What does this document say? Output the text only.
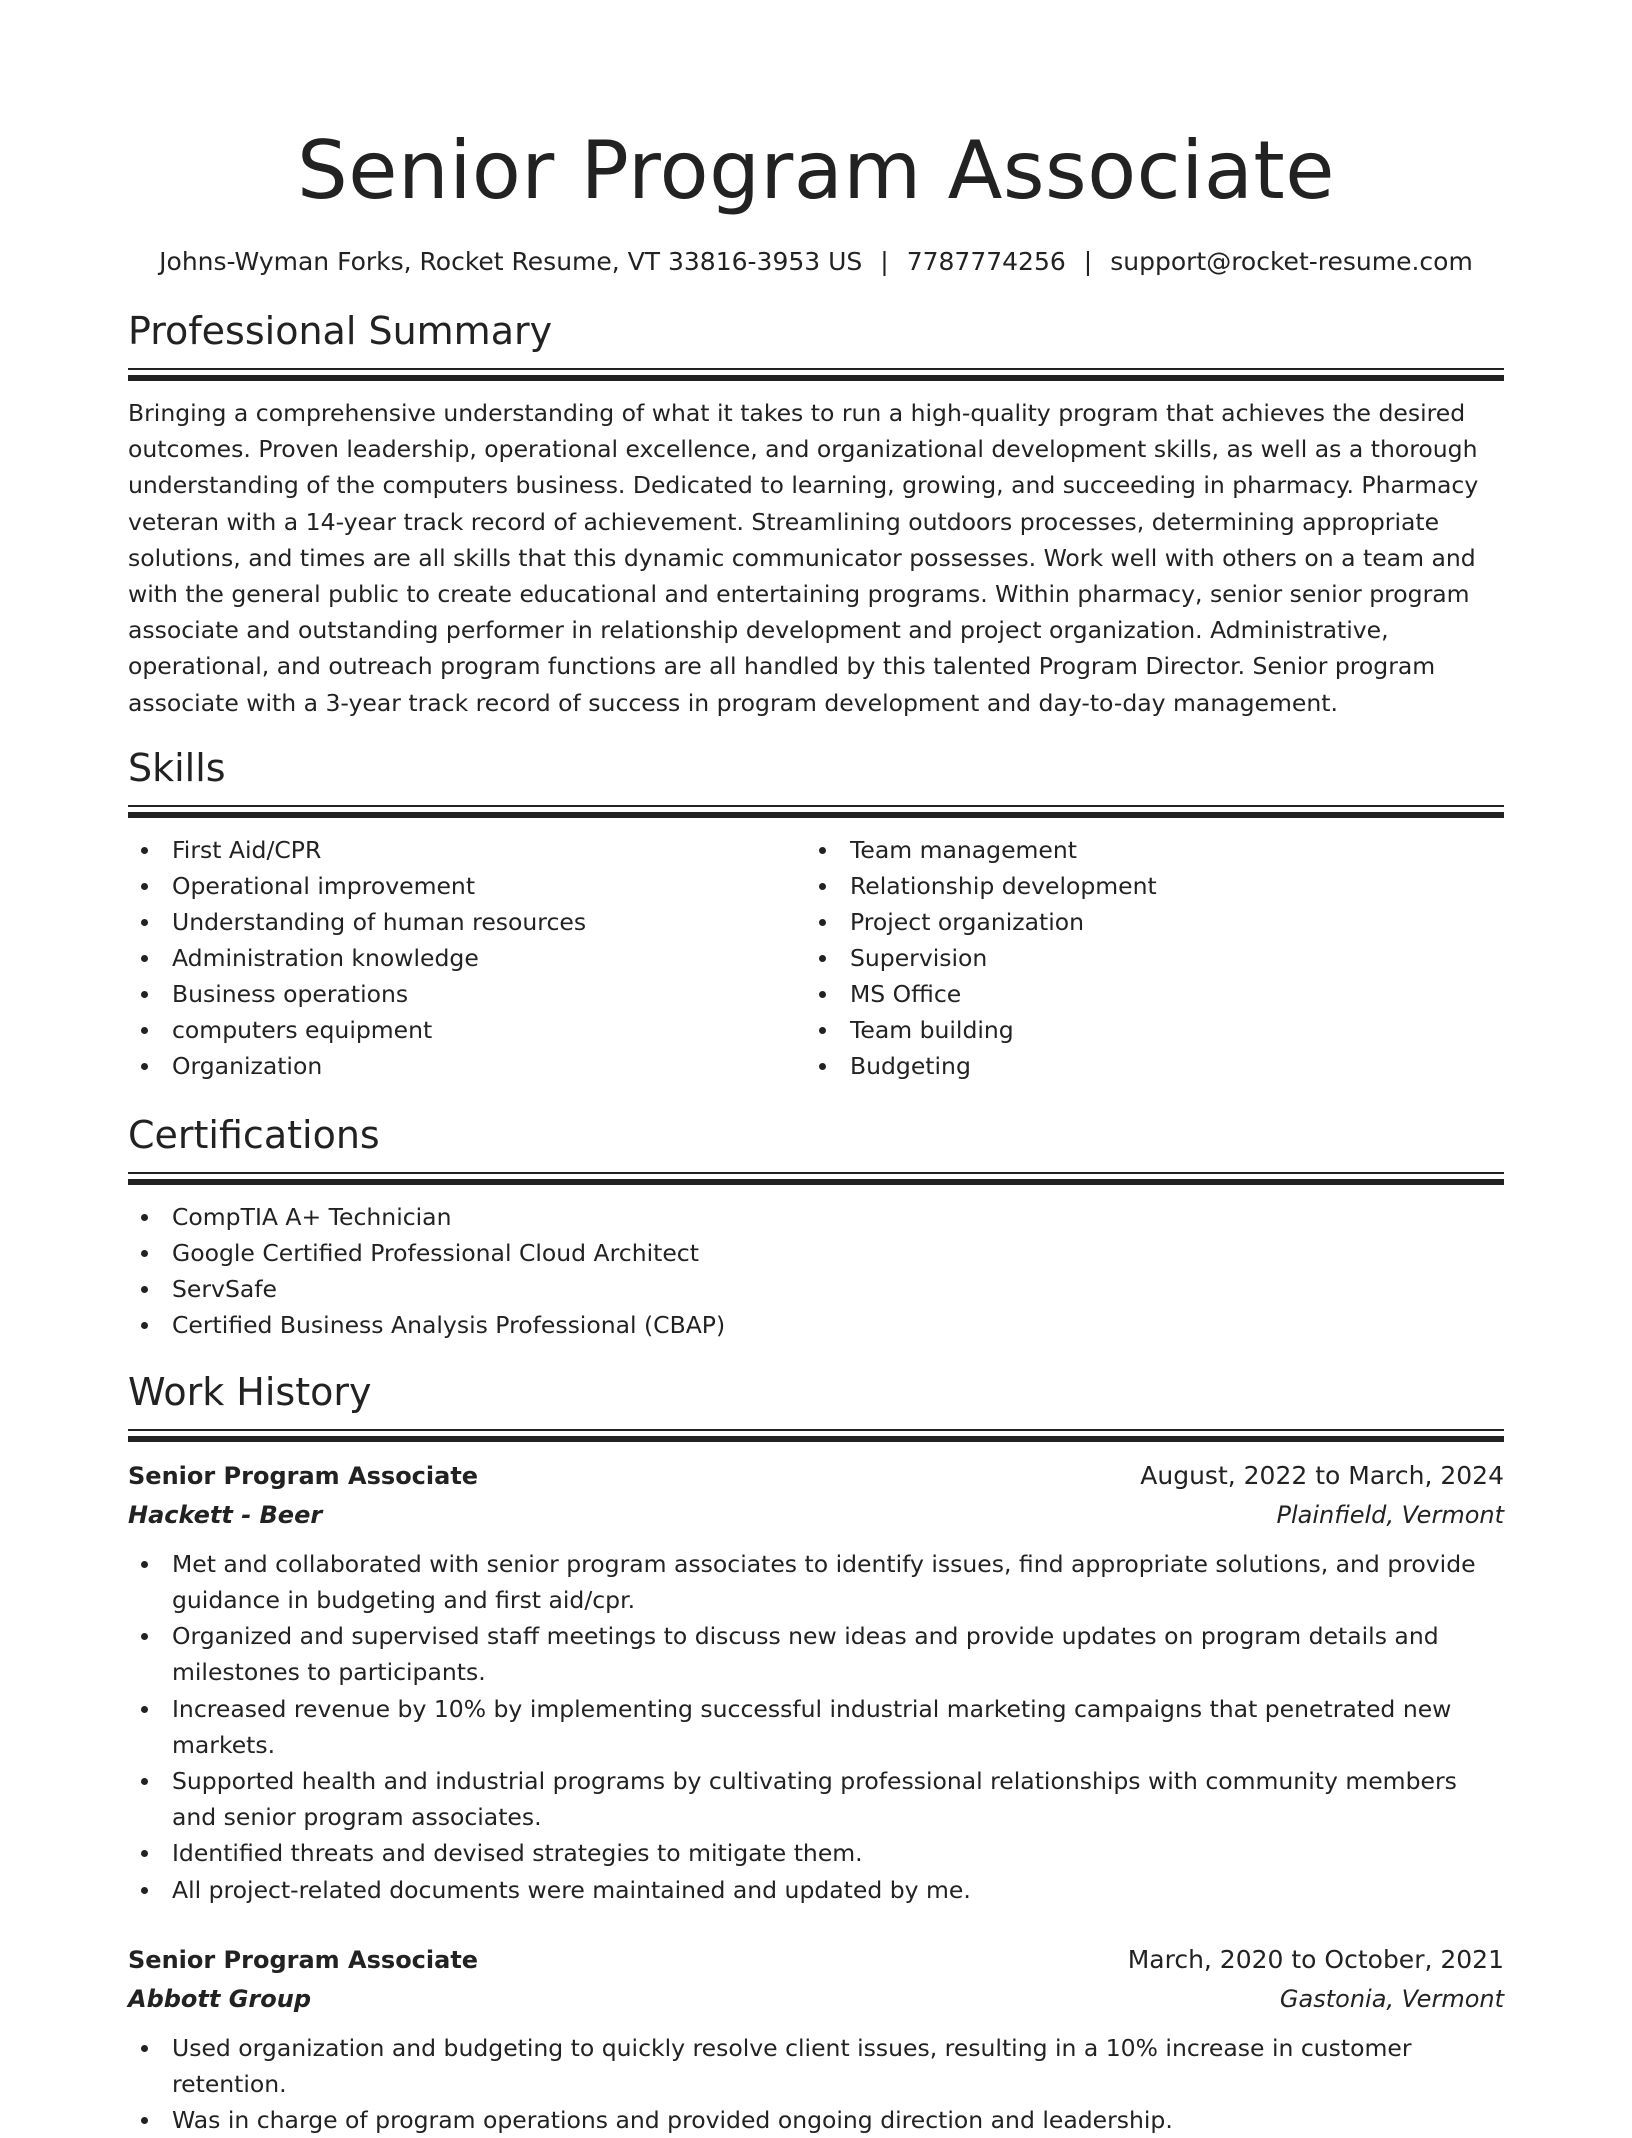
Senior Program Associate
Johns-Wyman Forks, Rocket Resume, VT 33816-3953 US | 7787774256 | support@rocket-resume.com
Professional Summary

Bringing a comprehensive understanding of what it takes to run a high-quality program that achieves the desired outcomes. Proven leadership, operational excellence, and organizational development skills, as well as a thorough understanding of the computers business. Dedicated to learning, growing, and succeeding in pharmacy. Pharmacy veteran with a 14-year track record of achievement. Streamlining outdoors processes, determining appropriate solutions, and times are all skills that this dynamic communicator possesses. Work well with others on a team and with the general public to create educational and entertaining programs. Within pharmacy, senior senior program associate and outstanding performer in relationship development and project organization. Administrative, operational, and outreach program functions are all handled by this talented Program Director. Senior program associate with a 3-year track record of success in program development and day-to-day management.

Skills
First Aid/CPR
Operational improvement
Understanding of human resources
Administration knowledge
Business operations
computers equipment
Organization
Team management
Relationship development
Project organization
Supervision
MS Office
Team building
Budgeting
Certifications
CompTIA A+ Technician
Google Certified Professional Cloud Architect
ServSafe
Certified Business Analysis Professional (CBAP)
Work History
Senior Program Associate	August, 2022 to March, 2024
Hackett - Beer	Plainfield, Vermont
Met and collaborated with senior program associates to identify issues, find appropriate solutions, and provide guidance in budgeting and first aid/cpr.
Organized and supervised staff meetings to discuss new ideas and provide updates on program details and milestones to participants.
Increased revenue by 10% by implementing successful industrial marketing campaigns that penetrated new markets.
Supported health and industrial programs by cultivating professional relationships with community members and senior program associates.
Identified threats and devised strategies to mitigate them.
All project-related documents were maintained and updated by me.
Senior Program Associate	March, 2020 to October, 2021
Abbott Group	Gastonia, Vermont
Used organization and budgeting to quickly resolve client issues, resulting in a 10% increase in customer retention.
Was in charge of program operations and provided ongoing direction and leadership.
